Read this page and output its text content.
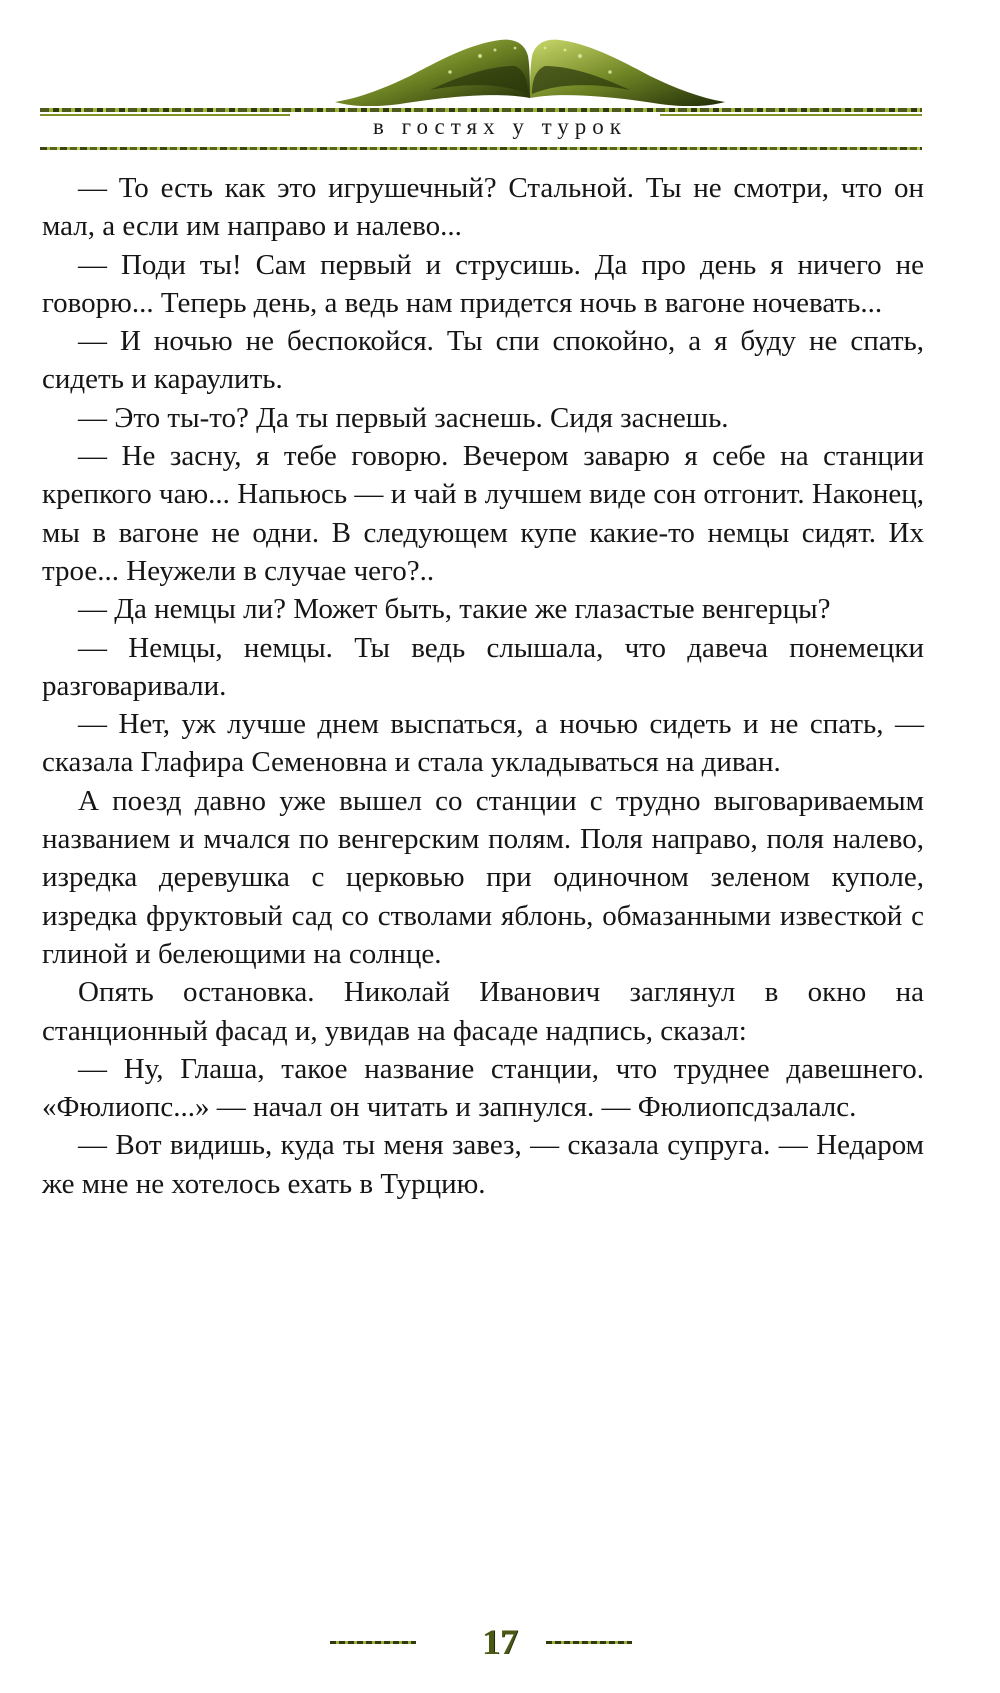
в гостях у турок

— То есть как это игрушечный? Стальной. Ты не смотри, что он мал, а если им направо и налево...

— Поди ты! Сам первый и струсишь. Да про день я ничего не говорю... Теперь день, а ведь нам придется ночь в вагоне ночевать...

— И ночью не беспокойся. Ты спи спокойно, а я буду не спать, сидеть и караулить.

— Это ты-то? Да ты первый заснешь. Сидя заснешь.

— Не засну, я тебе говорю. Вечером заварю я себе на станции крепкого чаю... Напьюсь — и чай в лучшем виде сон отгонит. Наконец, мы в вагоне не одни. В следующем купе какие-то немцы сидят. Их трое... Неужели в случае чего?..

— Да немцы ли? Может быть, такие же глазастые венгерцы?

— Немцы, немцы. Ты ведь слышала, что давеча понемецки разговаривали.

— Нет, уж лучше днем выспаться, а ночью сидеть и не спать, — сказала Глафира Семеновна и стала укладываться на диван.

А поезд давно уже вышел со станции с трудно выговариваемым названием и мчался по венгерским полям. Поля направо, поля налево, изредка деревушка с церковью при одиночном зеленом куполе, изредка фруктовый сад со стволами яблонь, обмазанными известкой с глиной и белеющими на солнце.

Опять остановка. Николай Иванович заглянул в окно на станционный фасад и, увидав на фасаде надпись, сказал:

— Ну, Глаша, такое название станции, что труднее давешнего. «Фюлиопс...» — начал он читать и запнулся. — Фюлиопсдзалалс.

— Вот видишь, куда ты меня завез, — сказала супруга. — Недаром же мне не хотелось ехать в Турцию.

17
